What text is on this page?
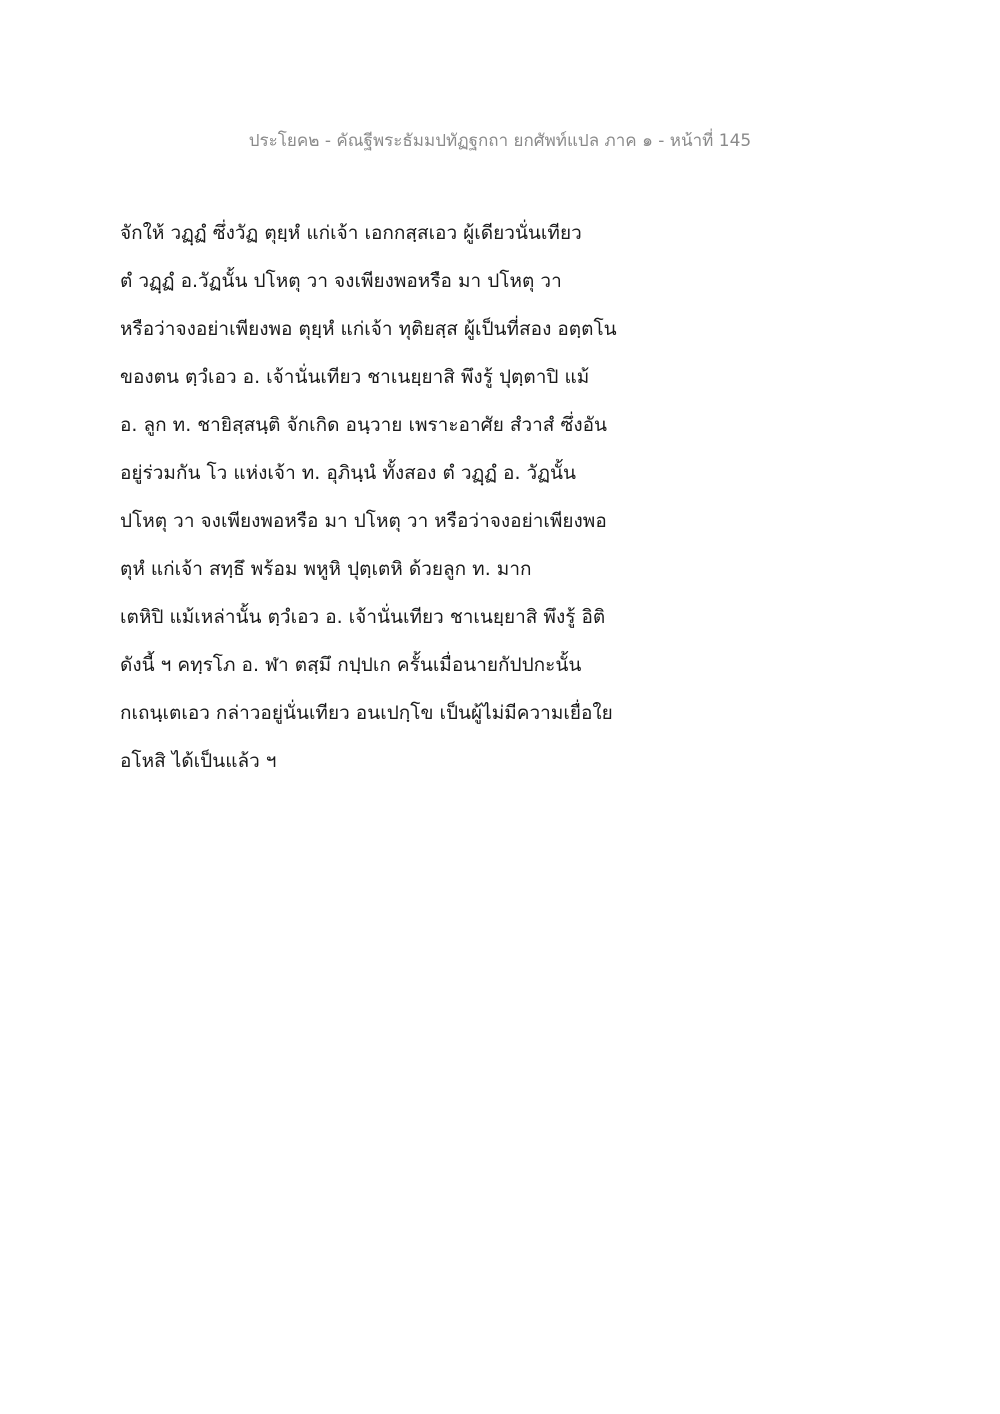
ประโยค๒ - คัณฐีพระธัมมปทัฏฐกถา ยกศัพท์แปล ภาค ๑ - หน้าที่ 145
จักให้ วฏฺฏํ ซึ่งวัฏ ตุยฺหํ แก่เจ้า เอกกสฺสเอว ผู้เดียวนั่นเทียว
ตํ วฏฺฏํ อ.วัฏนั้น ปโหตุ วา จงเพียงพอหรือ มา ปโหตุ วา
หรือว่าจงอย่าเพียงพอ ตุยฺหํ แก่เจ้า ทุติยสฺส ผู้เป็นที่สอง อตฺตโน
ของตน ตฺวํเอว อ. เจ้านั่นเทียว ชาเนยฺยาสิ พึงรู้ ปุตฺตาปิ แม้
อ. ลูก ท. ชายิสฺสนฺติ จักเกิด อนฺวาย เพราะอาศัย สํวาสํ ซึ่งอัน
อยู่ร่วมกัน โว แห่งเจ้า ท. อุภินฺนํ ทั้งสอง ตํ วฏฺฏํ อ. วัฏนั้น
ปโหตุ วา จงเพียงพอหรือ มา ปโหตุ วา หรือว่าจงอย่าเพียงพอ
ตุหํ แก่เจ้า สทฺธึ พร้อม พหูหิ ปุตฺเตหิ ด้วยลูก ท. มาก
เตหิปิ แม้เหล่านั้น ตฺวํเอว อ. เจ้านั่นเทียว ชาเนยฺยาสิ พึงรู้ อิติ
ดังนี้ ฯ คทฺรโภ อ. ฬา ตสฺมึ กปฺปเก ครั้นเมื่อนายกัปปกะนั้น
กเถนฺเตเอว กล่าวอยู่นั่นเทียว อนเปกฺโข เป็นผู้ไม่มีความเยื่อใย
อโหสิ ได้เป็นแล้ว ฯ
